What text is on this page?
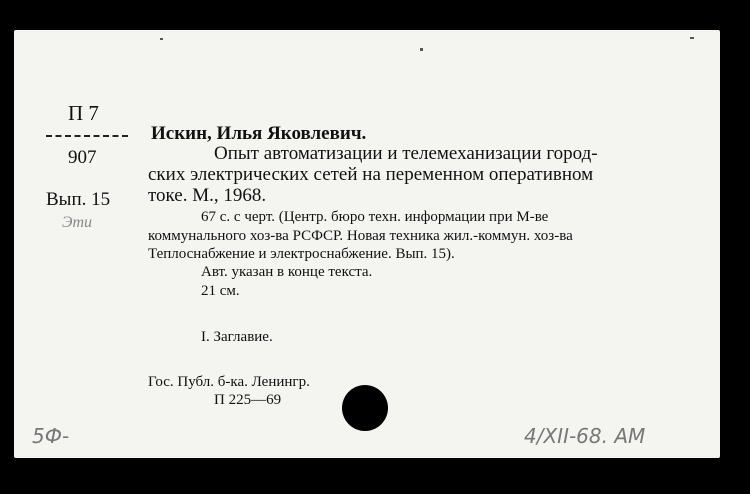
П 7
907
Вып. 15
Эти
Искин, Илья Яковлевич.
Опыт автоматизации и телемеханизации город-
ских электрических сетей на переменном оперативном
токе. М., 1968.
67 с. с черт. (Центр. бюро техн. информации при М-ве
коммунального хоз-ва РСФСР. Новая техника жил.-коммун. хоз-ва
Теплоснабжение и электроснабжение. Вып. 15).
Авт. указан в конце текста.
21 см.
I. Заглавие.
Гос. Публ. б-ка. Ленингр.
П 225—69
5Ф-	4/XII-68. АМ
